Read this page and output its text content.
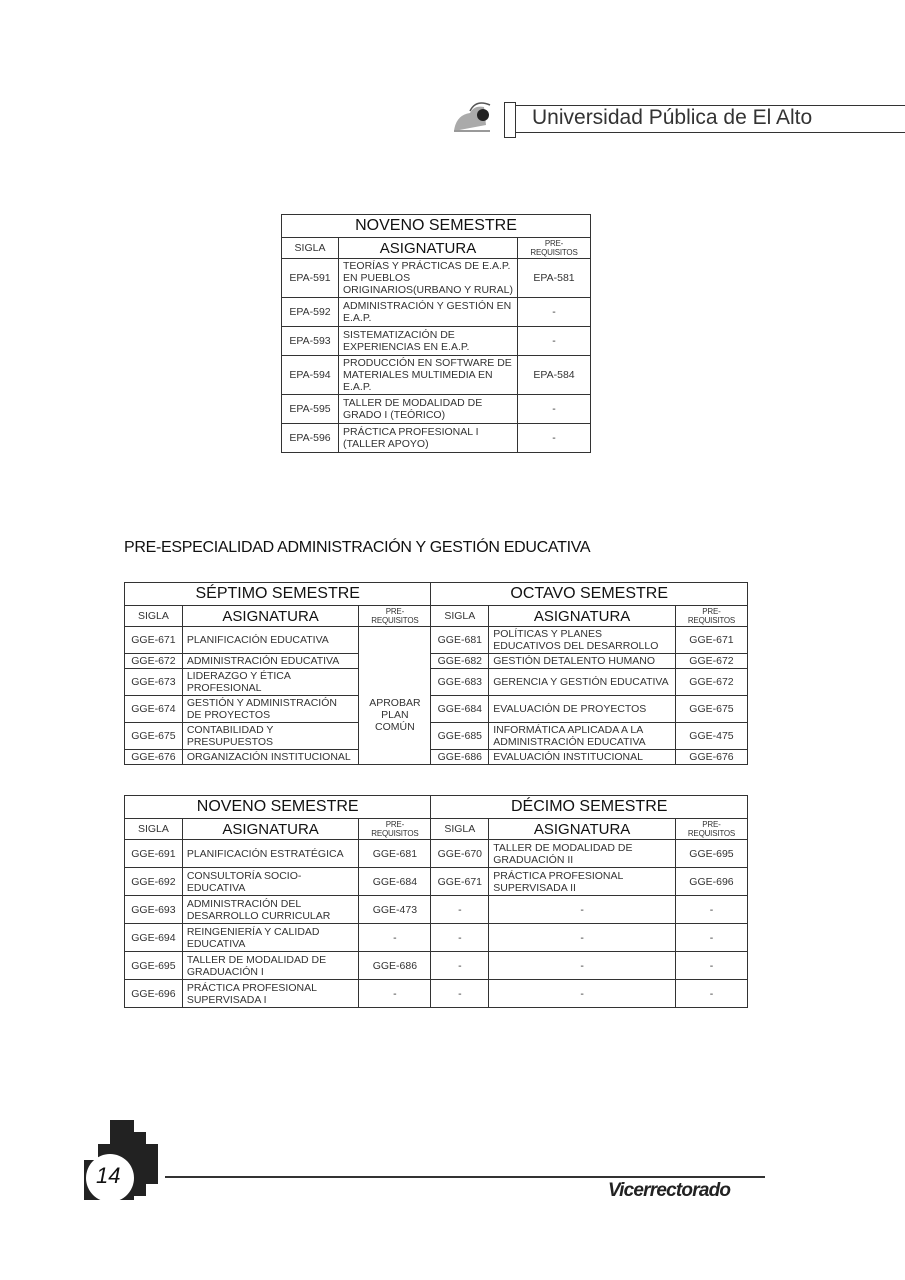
Universidad Pública de El Alto
NOVENO SEMESTRE		
SIGLA	ASIGNATURA	PRE-REQUISITOS
EPA-591	TEORÍAS Y PRÁCTICAS DE E.A.P. EN PUEBLOS ORIGINARIOS(URBANO Y RURAL)	EPA-581
EPA-592	ADMINISTRACIÓN Y GESTIÓN EN E.A.P.	-
EPA-593	SISTEMATIZACIÓN DE EXPERIENCIAS EN E.A.P.	-
EPA-594	PRODUCCIÓN EN SOFTWARE DE MATERIALES MULTIMEDIA EN E.A.P.	EPA-584
EPA-595	TALLER DE MODALIDAD DE GRADO I (TEÓRICO)	-
EPA-596	PRÁCTICA PROFESIONAL I (TALLER APOYO)	-
PRE-ESPECIALIDAD ADMINISTRACIÓN Y GESTIÓN EDUCATIVA
SÉPTIMO SEMESTRE			OCTAVO SEMESTRE		
SIGLA	ASIGNATURA	PRE-REQUISITOS	SIGLA	ASIGNATURA	PRE-REQUISITOS
GGE-671	PLANIFICACIÓN EDUCATIVA	APROBAR PLAN COMÚN	GGE-681	POLÍTICAS Y PLANES EDUCATIVOS DEL DESARROLLO	GGE-671
GGE-672	ADMINISTRACIÓN EDUCATIVA		GGE-682	GESTIÓN DETALENTO HUMANO	GGE-672
GGE-673	LIDERAZGO Y ÉTICA PROFESIONAL		GGE-683	GERENCIA Y GESTIÓN EDUCATIVA	GGE-672
GGE-674	GESTIÓN Y ADMINISTRACIÓN DE PROYECTOS		GGE-684	EVALUACIÓN DE PROYECTOS	GGE-675
GGE-675	CONTABILIDAD Y PRESUPUESTOS		GGE-685	INFORMÁTICA APLICADA A LA ADMINISTRACIÓN EDUCATIVA	GGE-475
GGE-676	ORGANIZACIÓN INSTITUCIONAL		GGE-686	EVALUACIÓN INSTITUCIONAL	GGE-676
NOVENO SEMESTRE			DÉCIMO SEMESTRE		
SIGLA	ASIGNATURA	PRE-REQUISITOS	SIGLA	ASIGNATURA	PRE-REQUISITOS
GGE-691	PLANIFICACIÓN ESTRATÉGICA	GGE-681	GGE-670	TALLER DE MODALIDAD DE GRADUACIÓN II	GGE-695
GGE-692	CONSULTORÍA SOCIO-EDUCATIVA	GGE-684	GGE-671	PRÁCTICA PROFESIONAL SUPERVISADA II	GGE-696
GGE-693	ADMINISTRACIÓN DEL DESARROLLO CURRICULAR	GGE-473	-	-	-
GGE-694	REINGENIERÍA Y CALIDAD EDUCATIVA	-	-	-	-
GGE-695	TALLER DE MODALIDAD DE GRADUACIÓN I	GGE-686	-	-	-
GGE-696	PRÁCTICA PROFESIONAL SUPERVISADA I	-	-	-	-
14
Vicerrectorado
